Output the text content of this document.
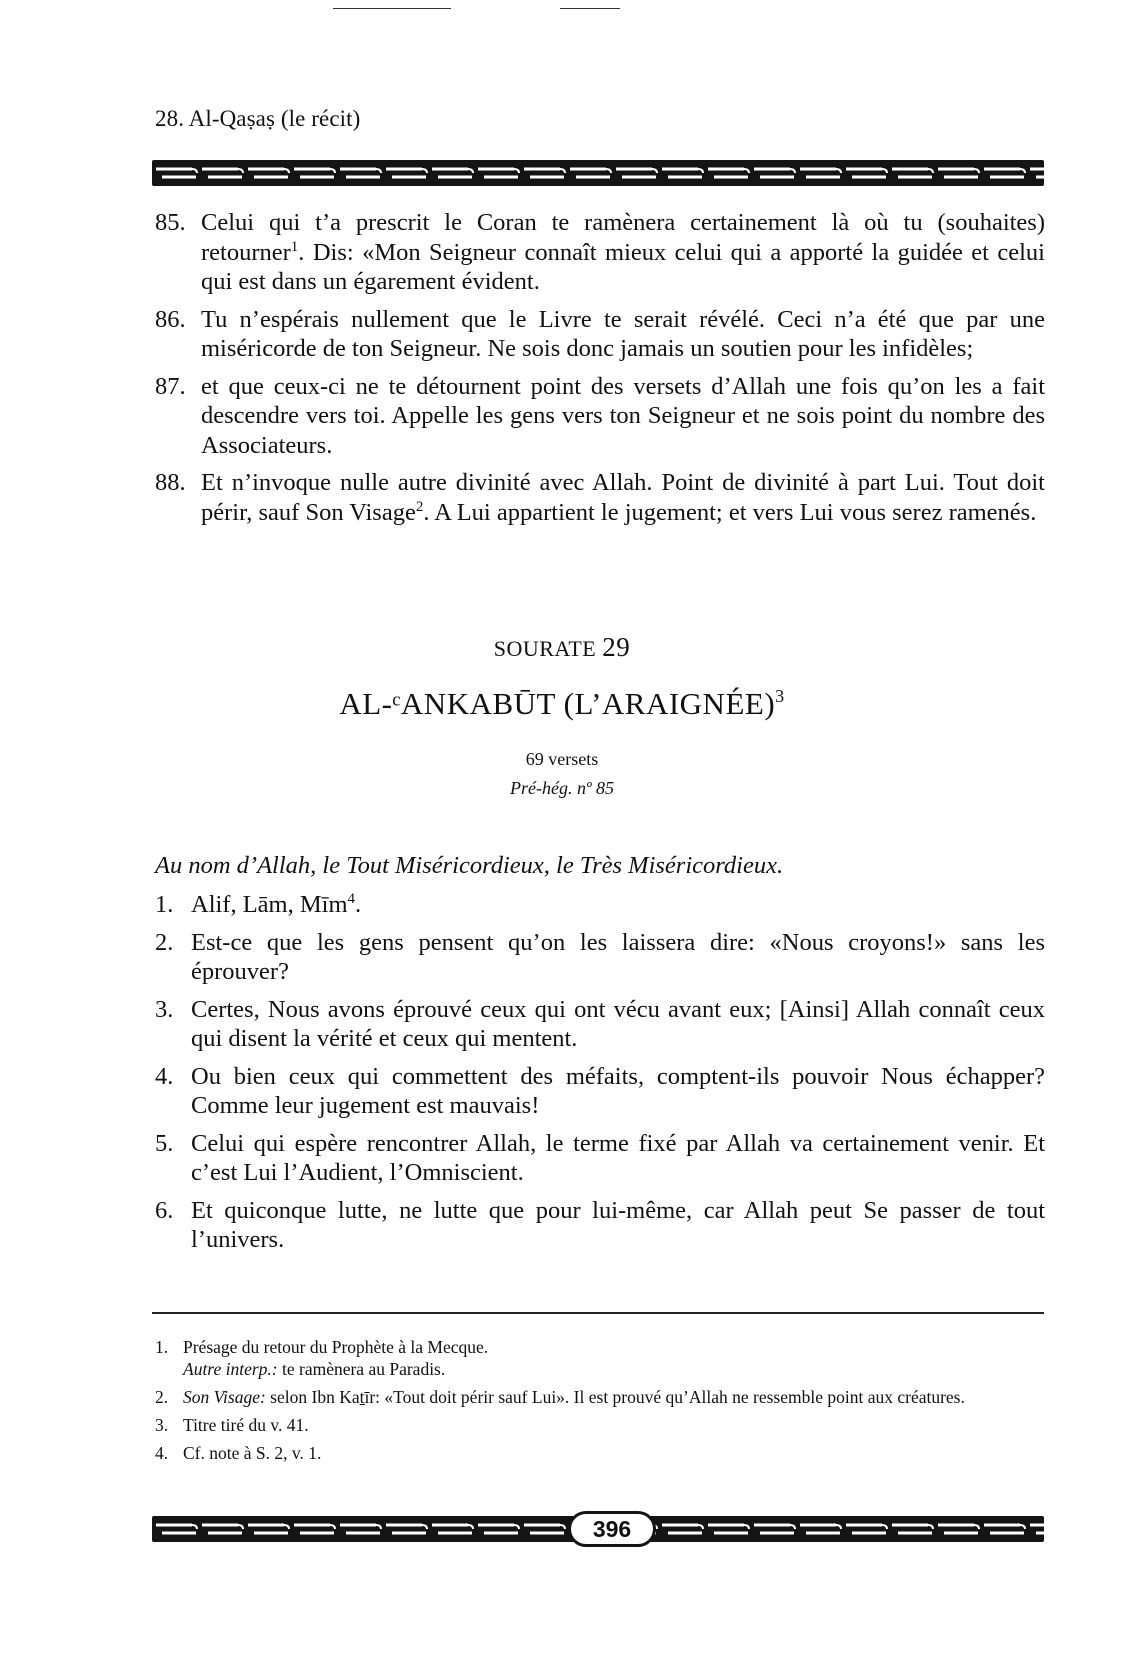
28. Al-Qaṣaṣ (le récit)
85. Celui qui t’a prescrit le Coran te ramènera certainement là où tu (souhaites) retourner$^1$. Dis: «Mon Seigneur connaît mieux celui qui a apporté la guidée et celui qui est dans un égarement évident.
86. Tu n’espérais nullement que le Livre te serait révélé. Ceci n’a été que par une miséricorde de ton Seigneur. Ne sois donc jamais un soutien pour les infidèles;
87. et que ceux-ci ne te détournent point des versets d’Allah une fois qu’on les a fait descendre vers toi. Appelle les gens vers ton Seigneur et ne sois point du nombre des Associateurs.
88. Et n’invoque nulle autre divinité avec Allah. Point de divinité à part Lui. Tout doit périr, sauf Son Visage$^2$. A Lui appartient le jugement; et vers Lui vous serez ramenés.
SOURATE 29
AL-ᶜANKABŪT (L’ARAIGNÉE)$^3$
69 versets
Pré-hég. nº 85
Au nom d’Allah, le Tout Miséricordieux, le Très Miséricordieux.
1. Alif, Lām, Mīm$^4$.
2. Est-ce que les gens pensent qu’on les laissera dire: «Nous croyons!» sans les éprouver?
3. Certes, Nous avons éprouvé ceux qui ont vécu avant eux; [Ainsi] Allah connaît ceux qui disent la vérité et ceux qui mentent.
4. Ou bien ceux qui commettent des méfaits, comptent-ils pouvoir Nous échapper? Comme leur jugement est mauvais!
5. Celui qui espère rencontrer Allah, le terme fixé par Allah va certainement venir. Et c’est Lui l’Audient, l’Omniscient.
6. Et quiconque lutte, ne lutte que pour lui-même, car Allah peut Se passer de tout l’univers.
1. Présage du retour du Prophète à la Mecque.
Autre interp.: te ramènera au Paradis.
2. Son Visage: selon Ibn Kaṯīr: «Tout doit périr sauf Lui». Il est prouvé qu’Allah ne ressemble point aux créatures.
3. Titre tiré du v. 41.
4. Cf. note à S. 2, v. 1.
396
